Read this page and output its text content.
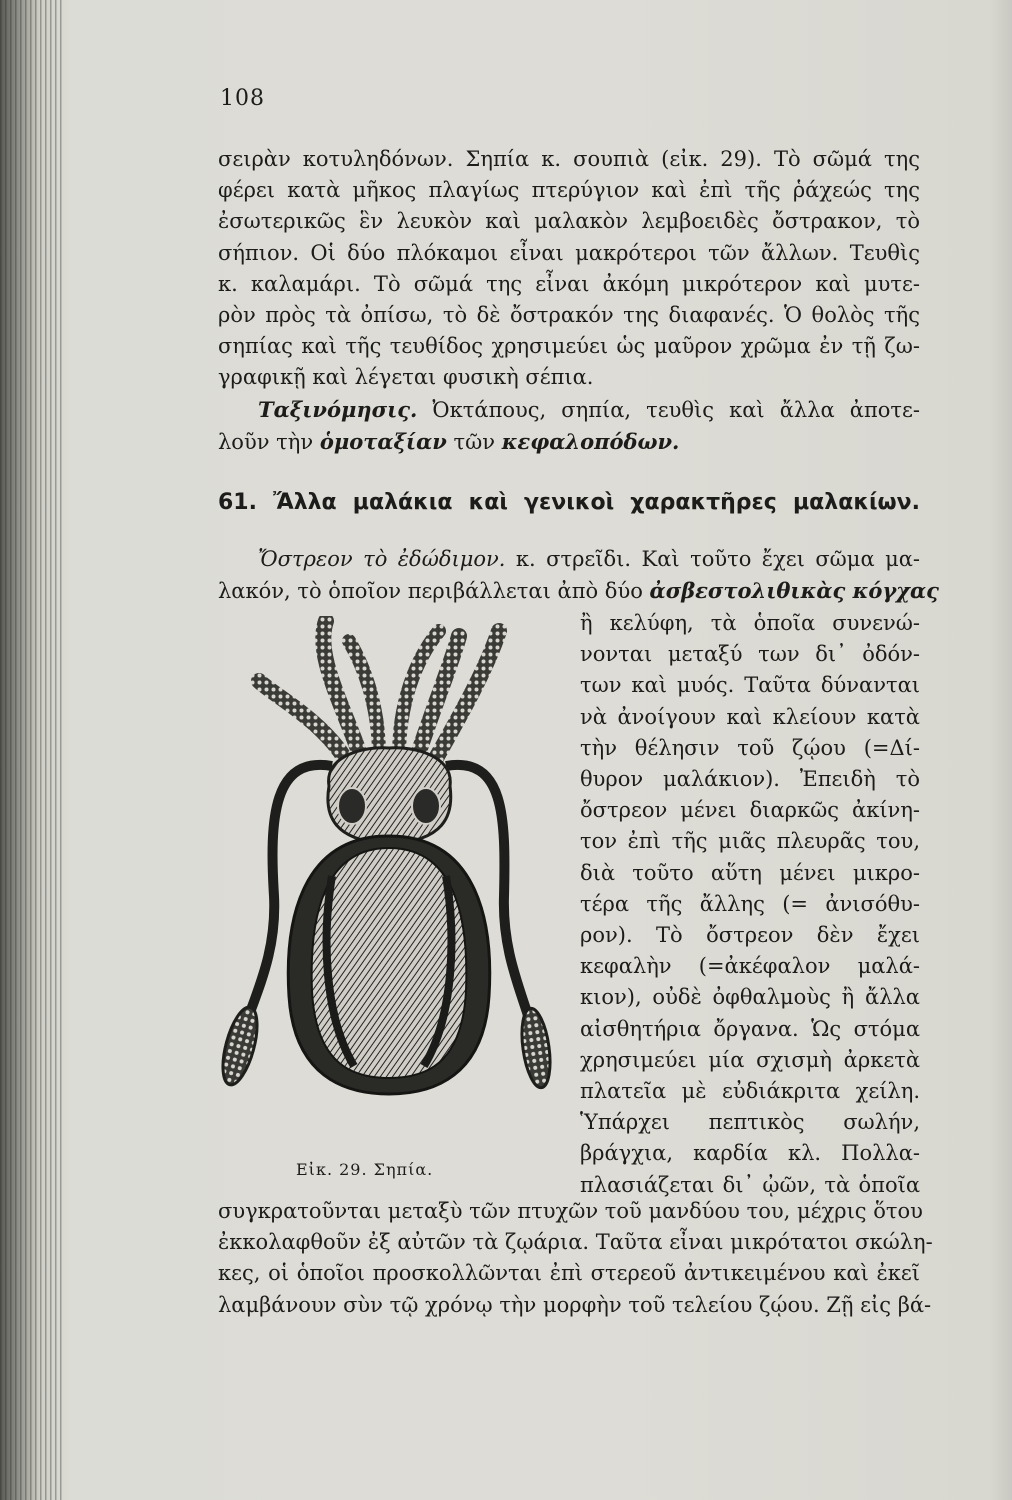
108
σειρὰν κοτυληδόνων. Σηπία κ. σουπιὰ (εἰκ. 29). Τὸ σῶμά της
φέρει κατὰ μῆκος πλαγίως πτερύγιον καὶ ἐπὶ τῆς ῥάχεώς της
ἐσωτερικῶς ἓν λευκὸν καὶ μαλακὸν λεμβοειδὲς ὄστρακον, τὸ
σήπιον. Οἱ δύο πλόκαμοι εἶναι μακρότεροι τῶν ἄλλων. Τευθὶς
κ. καλαμάρι. Τὸ σῶμά της εἶναι ἀκόμη μικρότερον καὶ μυτε-
ρὸν πρὸς τὰ ὀπίσω, τὸ δὲ ὄστρακόν της διαφανές. Ὁ θολὸς τῆς
σηπίας καὶ τῆς τευθίδος χρησιμεύει ὡς μαῦρον χρῶμα ἐν τῇ ζω-
γραφικῇ καὶ λέγεται φυσικὴ σέπια.
Ταξινόμησις. Ὀκτάπους, σηπία, τευθὶς καὶ ἄλλα ἀποτε-
λοῦν τὴν ὁμοταξίαν τῶν κεφαλοπόδων.
61. Ἄλλα μαλάκια καὶ γενικοὶ χαρακτῆρες μαλακίων.
Ὄστρεον τὸ ἐδώδιμον. κ. στρεῖδι. Καὶ τοῦτο ἔχει σῶμα μα-
λακόν, τὸ ὁποῖον περιβάλλεται ἀπὸ δύο ἀσβεστολιθικὰς κόγχας
Εἰκ. 29. Σηπία.
ἢ κελύφη, τὰ ὁποῖα συνενώ-
νονται μεταξύ των δι᾿ ὀδόν-
των καὶ μυός. Ταῦτα δύνανται
νὰ ἀνοίγουν καὶ κλείουν κατὰ
τὴν θέλησιν τοῦ ζῴου (=Δί-
θυρον μαλάκιον). Ἐπειδὴ τὸ
ὄστρεον μένει διαρκῶς ἀκίνη-
τον ἐπὶ τῆς μιᾶς πλευρᾶς του,
διὰ τοῦτο αὕτη μένει μικρο-
τέρα τῆς ἄλλης (= ἀνισόθυ-
ρον). Τὸ ὄστρεον δὲν ἔχει
κεφαλὴν (=ἀκέφαλον μαλά-
κιον), οὐδὲ ὀφθαλμοὺς ἢ ἄλλα
αἰσθητήρια ὄργανα. Ὡς στόμα
χρησιμεύει μία σχισμὴ ἀρκετὰ
πλατεῖα μὲ εὐδιάκριτα χείλη.
Ὑπάρχει πεπτικὸς σωλήν,
βράγχια, καρδία κλ. Πολλα-
πλασιάζεται δι᾿ ᾠῶν, τὰ ὁποῖα
συγκρατοῦνται μεταξὺ τῶν πτυχῶν τοῦ μανδύου του, μέχρις ὅτου
ἐκκολαφθοῦν ἐξ αὐτῶν τὰ ζῳάρια. Ταῦτα εἶναι μικρότατοι σκώλη-
κες, οἱ ὁποῖοι προσκολλῶνται ἐπὶ στερεοῦ ἀντικειμένου καὶ ἐκεῖ
λαμβάνουν σὺν τῷ χρόνῳ τὴν μορφὴν τοῦ τελείου ζῴου. Ζῇ εἰς βά-
